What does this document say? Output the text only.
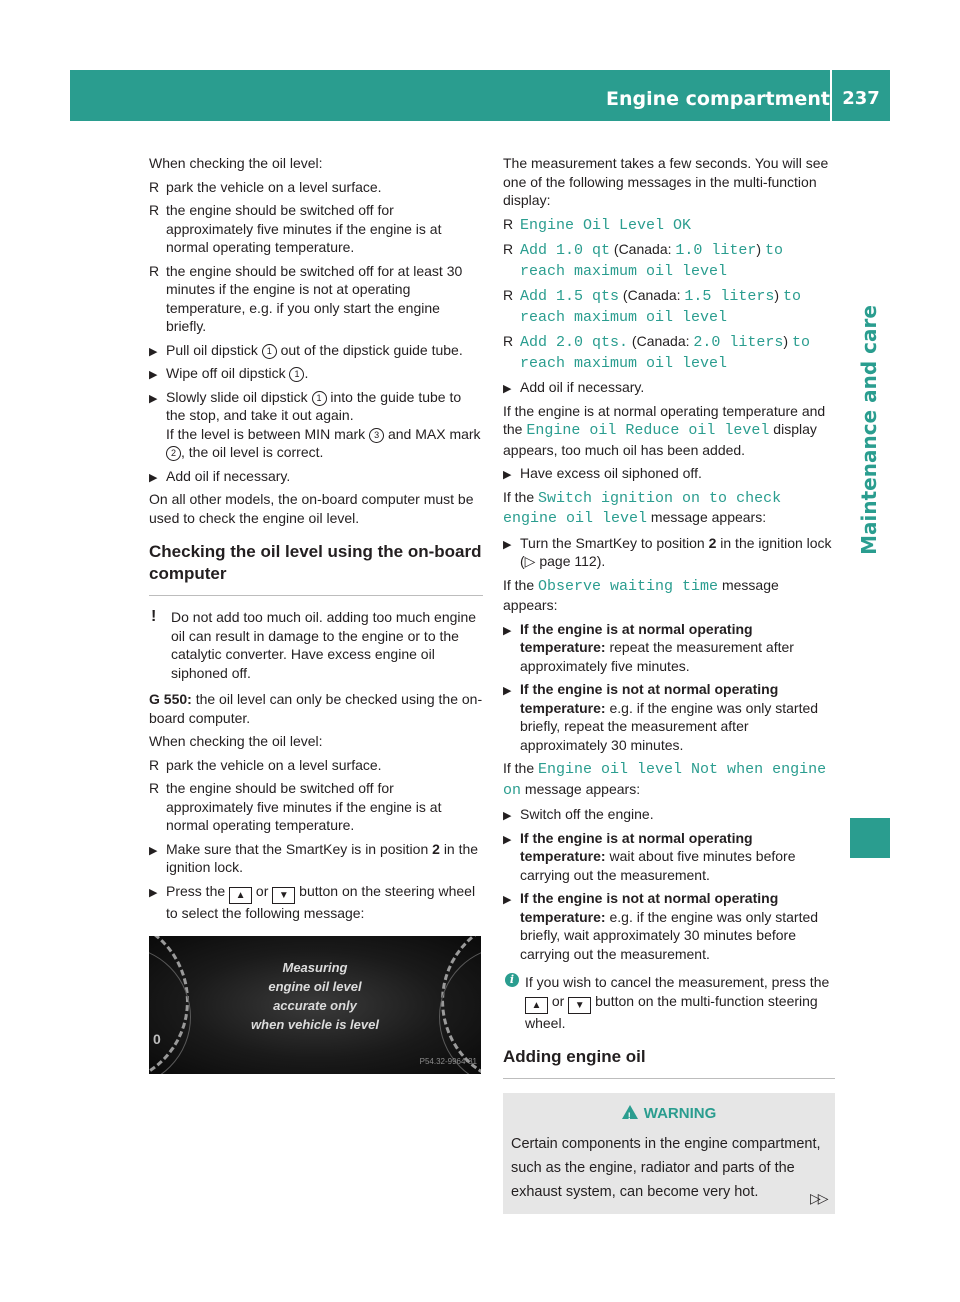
Engine compartment 237
Maintenance and care

When checking the oil level:

R park the vehicle on a level surface.
R the engine should be switched off for approximately five minutes if the engine is at normal operating temperature.
R the engine should be switched off for at least 30 minutes if the engine is not at operating temperature, e.g. if you only start the engine briefly.
▶ Pull oil dipstick 1 out of the dipstick guide tube.
▶ Wipe off oil dipstick 1 .
▶ Slowly slide oil dipstick 1 into the guide tube to the stop, and take it out again.
If the level is between MIN mark 3 and MAX mark 2 , the oil level is correct.
▶ Add oil if necessary.

On all other models, the on-board computer must be used to check the engine oil level.

Checking the oil level using the on-board computer
! Do not add too much oil. adding too much engine oil can result in damage to the engine or to the catalytic converter. Have excess engine oil siphoned off.

G 550: the oil level can only be checked using the on-board computer.

When checking the oil level:

R park the vehicle on a level surface.
R the engine should be switched off for approximately five minutes if the engine is at normal operating temperature.
▶ Make sure that the SmartKey is in position 2 in the ignition lock.
▶ Press the ▲ or ▼ button on the steering wheel to select the following message:
0
Measuring
engine oil level
accurate only
when vehicle is level
P54.32-9964-31

The measurement takes a few seconds. You will see one of the following messages in the multi-function display:

R Engine Oil Level OK
R Add 1.0 qt (Canada: 1.0 liter) to reach maximum oil level
R Add 1.5 qts (Canada: 1.5 liters) to reach maximum oil level
R Add 2.0 qts. (Canada: 2.0 liters) to reach maximum oil level
▶ Add oil if necessary.

If the engine is at normal operating temperature and the Engine oil Reduce oil level display appears, too much oil has been added.

▶ Have excess oil siphoned off.

If the Switch ignition on to check engine oil level message appears:

▶ Turn the SmartKey to position 2 in the ignition lock (▷ page 112).

If the Observe waiting time message appears:

▶ If the engine is at normal operating temperature: repeat the measurement after approximately five minutes.
▶ If the engine is not at normal operating temperature: e.g. if the engine was only started briefly, repeat the measurement after approximately 30 minutes.

If the Engine oil level Not when engine on message appears:

▶ Switch off the engine.
▶ If the engine is at normal operating temperature: wait about five minutes before carrying out the measurement.
▶ If the engine is not at normal operating temperature: e.g. if the engine was only started briefly, wait approximately 30 minutes before carrying out the measurement.
i If you wish to cancel the measurement, press the ▲ or ▼ button on the multi-function steering wheel.
Adding engine oil
!WARNING
Certain components in the engine compartment, such as the engine, radiator and parts of the exhaust system, can become very hot.	▷▷
